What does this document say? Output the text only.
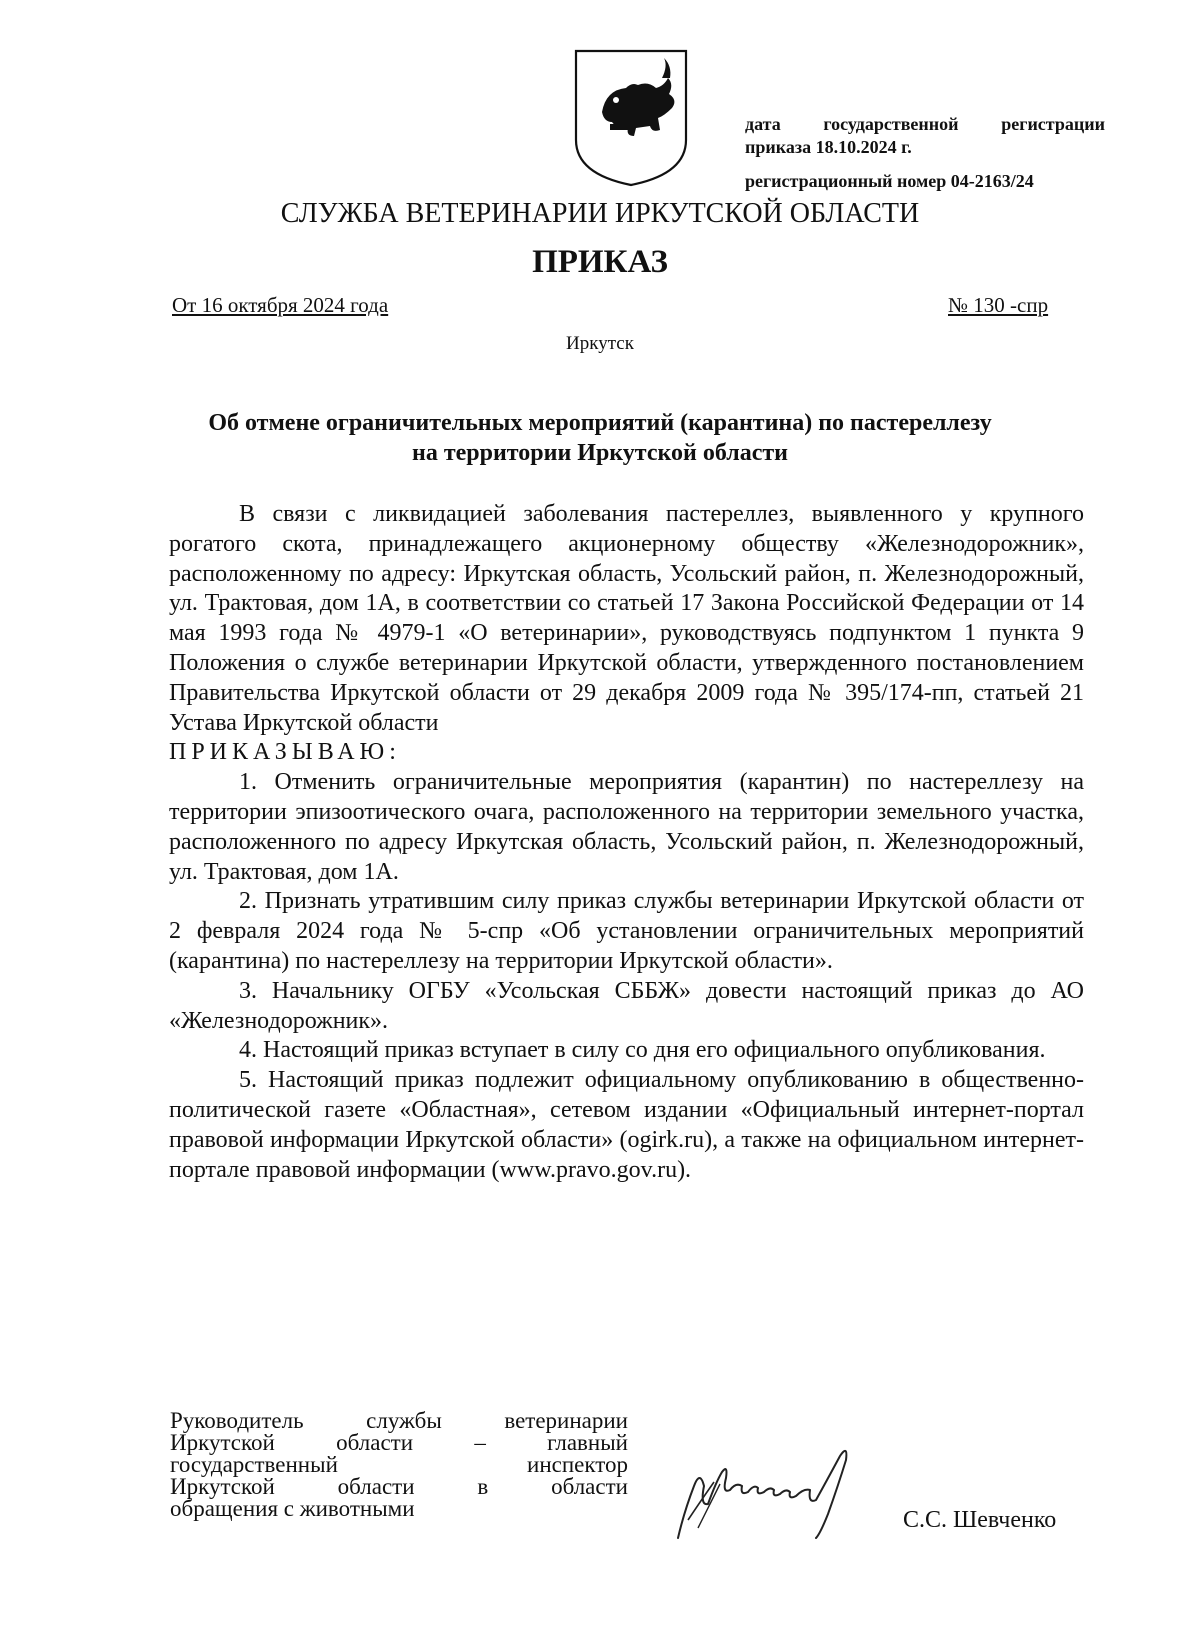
дата государственной регистрации
приказа 18.10.2024 г.
регистрационный номер 04-2163/24
СЛУЖБА ВЕТЕРИНАРИИ ИРКУТСКОЙ ОБЛАСТИ
ПРИКАЗ
От 16 октября 2024 года	№ 130 -спр
Иркутск
Об отмене ограничительных мероприятий (карантина) по пастереллезу
на территории Иркутской области

В связи с ликвидацией заболевания пастереллез, выявленного у крупного рогатого скота, принадлежащего акционерному обществу «Железнодорожник», расположенному по адресу: Иркутская область, Усольский район, п. Железнодорожный, ул. Трактовая, дом 1А, в соответствии со статьей 17 Закона Российской Федерации от 14 мая 1993 года № 4979-1 «О ветеринарии», руководствуясь подпунктом 1 пункта 9 Положения о службе ветеринарии Иркутской области, утвержденного постановлением Правительства Иркутской области от 29 декабря 2009 года № 395/174-пп, статьей 21 Устава Иркутской области

ПРИКАЗЫВАЮ:

1. Отменить ограничительные мероприятия (карантин) по настереллезу на территории эпизоотического очага, расположенного на территории земельного участка, расположенного по адресу Иркутская область, Усольский район, п. Железнодорожный, ул. Трактовая, дом 1А.

2. Признать утратившим силу приказ службы ветеринарии Иркутской области от 2 февраля 2024 года № 5-спр «Об установлении ограничительных мероприятий (карантина) по настереллезу на территории Иркутской области».

3. Начальнику ОГБУ «Усольская СББЖ» довести настоящий приказ до АО «Железнодорожник».

4. Настоящий приказ вступает в силу со дня его официального опубликования.

5. Настоящий приказ подлежит официальному опубликованию в общественно-политической газете «Областная», сетевом издании «Официальный интернет-портал правовой информации Иркутской области» (ogirk.ru), а также на официальном интернет-портале правовой информации (www.pravo.gov.ru).

Руководитель	службы	ветеринарии
Иркутской	области	–	главный
государственный	инспектор
Иркутской	области	в	области
обращения с животными	С.С. Шевченко
